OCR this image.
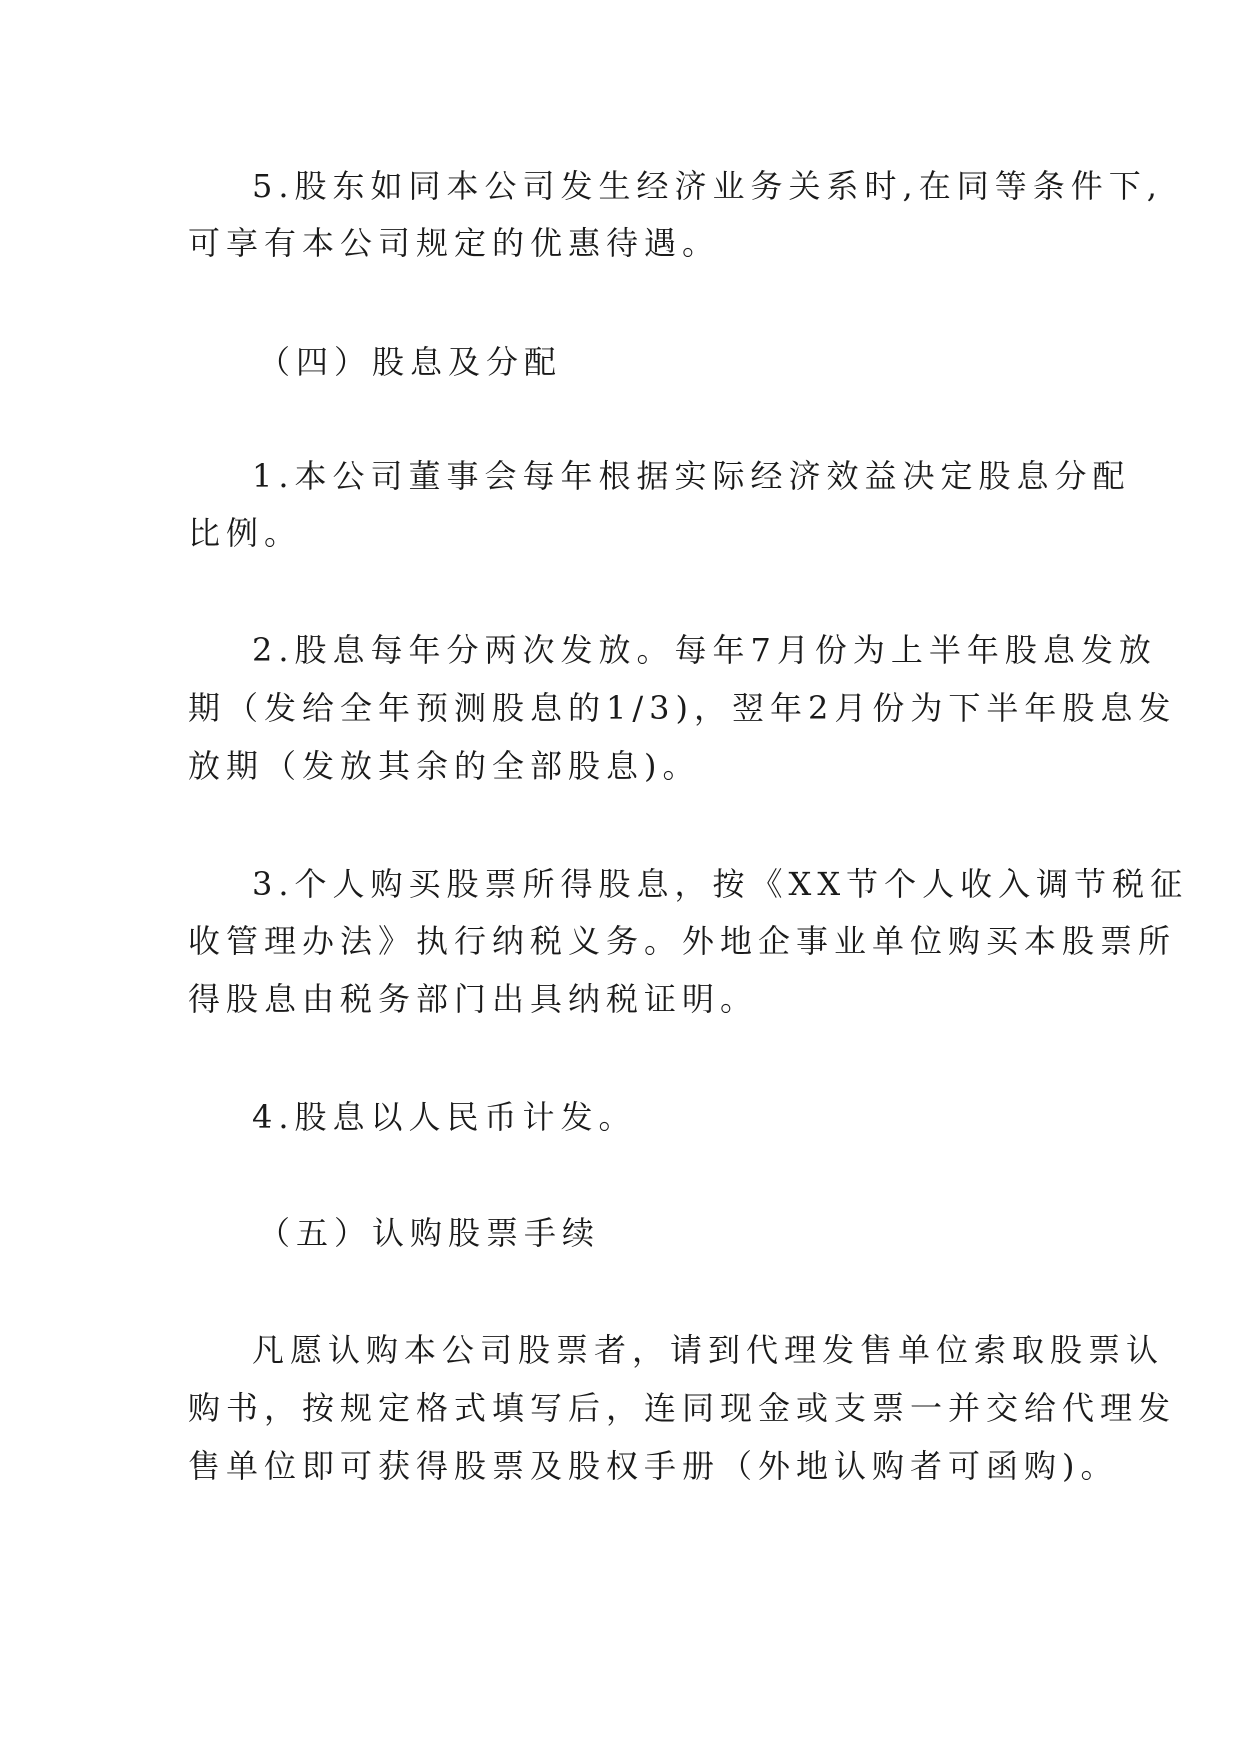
5.股东如同本公司发生经济业务关系时,在同等条件下,
可享有本公司规定的优惠待遇。
（四）股息及分配
1.本公司董事会每年根据实际经济效益决定股息分配
比例。
2.股息每年分两次发放。每年7月份为上半年股息发放
期（发给全年预测股息的1/3)，翌年2月份为下半年股息发
放期（发放其余的全部股息)。
3.个人购买股票所得股息，按《XX节个人收入调节税征
收管理办法》执行纳税义务。外地企事业单位购买本股票所
得股息由税务部门出具纳税证明。
4.股息以人民币计发。
（五）认购股票手续
凡愿认购本公司股票者，请到代理发售单位索取股票认
购书，按规定格式填写后，连同现金或支票一并交给代理发
售单位即可获得股票及股权手册（外地认购者可函购)。
